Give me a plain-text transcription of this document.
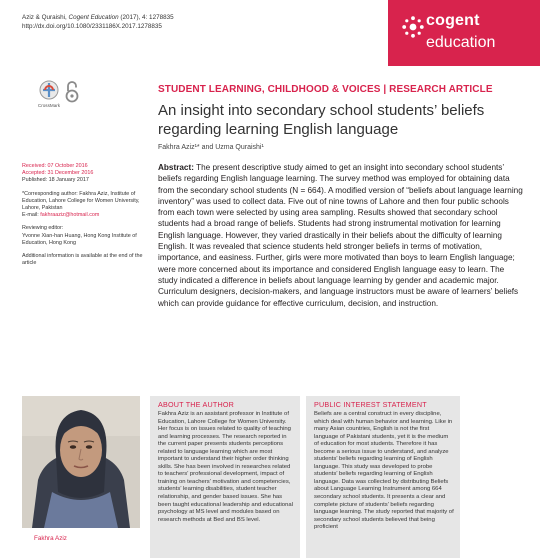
Aziz & Quraishi, Cogent Education (2017), 4: 1278835
http://dx.doi.org/10.1080/2331186X.2017.1278835	cogent
education
CrossMark
STUDENT LEARNING, CHILDHOOD & VOICES | RESEARCH ARTICLE
An insight into secondary school students’ beliefs regarding learning English language
Fakhra Aziz¹* and Uzma Quraishi¹

Received: 07 October 2016
Accepted: 31 December 2016
Published: 18 January 2017

*Corresponding author: Fakhra Aziz, Institute of Education, Lahore College for Women University, Lahore, Pakistan
E-mail: fakhraaziz@hotmail.com

Reviewing editor:
Yvonne Xian-han Huang, Hong Kong Institute of Education, Hong Kong

Additional information is available at the end of the article

Abstract: The present descriptive study aimed to get an insight into secondary school students’ beliefs regarding English language learning. The survey method was employed for obtaining data from the secondary school students (N = 664). A modified version of “beliefs about language learning inventory” was used to collect data. Five out of nine towns of Lahore and then four public schools from each town were selected by using area sampling. Results showed that secondary school students had a broad range of beliefs. Students had strong instrumental motivation for learning English language. However, they varied drastically in their beliefs about the difficulty of learning English. It was revealed that science students held stronger beliefs in terms of motivation, importance, and easiness. Further, girls were more motivated than boys to learn English language; were more concerned about its importance and considered English language easy to learn. The study indicated a difference in beliefs about language learning by gender and academic major. Curriculum designers, decision-makers, and language instructors must be aware of learners’ beliefs which can provide guidance for effective curriculum, decision, and instruction.
Fakhra Aziz
ABOUT THE AUTHOR
Fakhra Aziz is an assistant professor in Institute of Education, Lahore College for Women University. Her focus is on issues related to quality of teaching and learning processes. The research reported in the current paper presents students perceptions related to language learning which are most important to understand their higher order thinking skills. She has been involved in researches related to teachers’ professional development, impact of training on teachers’ motivation and competencies, students’ learning disabilities, student teacher relationship, and gender based issues. She has been taught educational leadership and educational psychology at MS level and modules based on research methods at Bed and BS level.
PUBLIC INTEREST STATEMENT
Beliefs are a central construct in every discipline, which deal with human behavior and learning. Like in many Asian countries, English is not the first language of Pakistani students, yet it is the medium of education for most students. Therefore it has become a serious issue to understand, and analyze students’ beliefs regarding learning of English language. This study was developed to probe students’ beliefs regarding learning of English language. Data was collected by distributing Beliefs about Language Learning Instrument among 664 secondary school students. It presents a clear and complete picture of students’ beliefs regarding language learning. The study reported that majority of secondary school students believed that being proficient
